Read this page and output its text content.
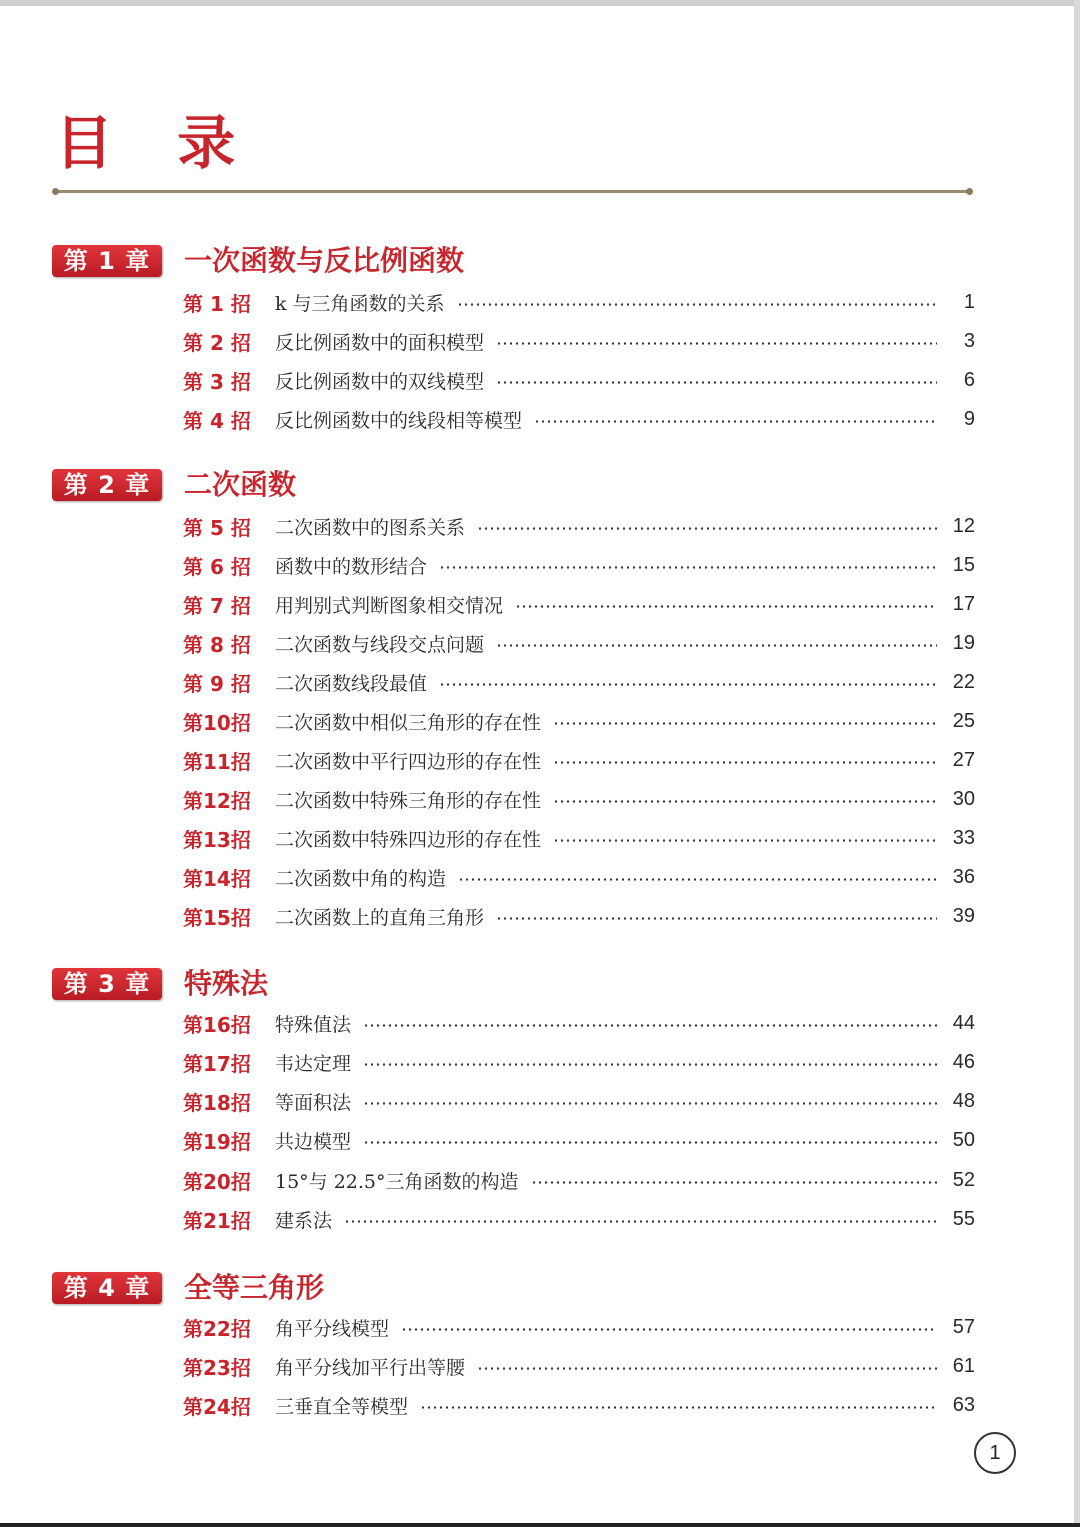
目 录
第 1 章	一次函数与反比例函数
第 1 招	k 与三角函数的关系	1
第 2 招	反比例函数中的面积模型	3
第 3 招	反比例函数中的双线模型	6
第 4 招	反比例函数中的线段相等模型	9
第 2 章	二次函数
第 5 招	二次函数中的图系关系	12
第 6 招	函数中的数形结合	15
第 7 招	用判别式判断图象相交情况	17
第 8 招	二次函数与线段交点问题	19
第 9 招	二次函数线段最值	22
第10招	二次函数中相似三角形的存在性	25
第11招	二次函数中平行四边形的存在性	27
第12招	二次函数中特殊三角形的存在性	30
第13招	二次函数中特殊四边形的存在性	33
第14招	二次函数中角的构造	36
第15招	二次函数上的直角三角形	39
第 3 章	特殊法
第16招	特殊值法	44
第17招	韦达定理	46
第18招	等面积法	48
第19招	共边模型	50
第20招	15°与 22.5°三角函数的构造	52
第21招	建系法	55
第 4 章	全等三角形
第22招	角平分线模型	57
第23招	角平分线加平行出等腰	61
第24招	三垂直全等模型	63
1
